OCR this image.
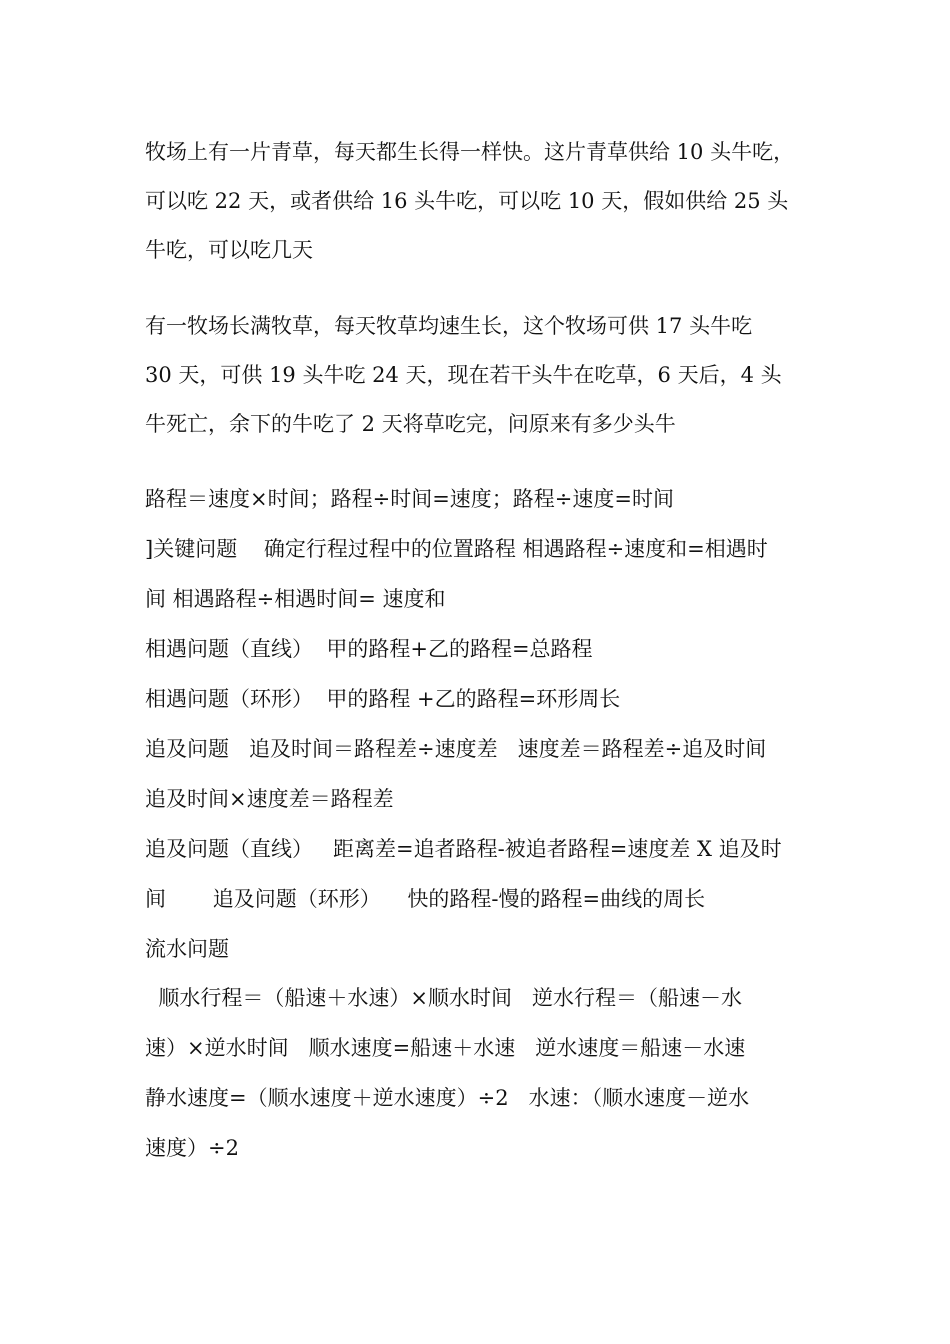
牧场上有一片青草，每天都生长得一样快。这片青草供给 10 头牛吃，
可以吃 22 天，或者供给 16 头牛吃，可以吃 10 天，假如供给 25 头
牛吃，可以吃几天
有一牧场长满牧草，每天牧草均速生长，这个牧场可供 17 头牛吃
30 天，可供 19 头牛吃 24 天，现在若干头牛在吃草，6 天后，4 头
牛死亡，余下的牛吃了 2 天将草吃完，问原来有多少头牛
路程＝速度×时间；路程÷时间=速度；路程÷速度=时间
]关键问题    确定行程过程中的位置路程 相遇路程÷速度和=相遇时
间 相遇路程÷相遇时间= 速度和
相遇问题（直线）  甲的路程+乙的路程=总路程
相遇问题（环形）  甲的路程 +乙的路程=环形周长
追及问题   追及时间＝路程差÷速度差   速度差＝路程差÷追及时间
追及时间×速度差＝路程差
追及问题（直线）   距离差=追者路程-被追者路程=速度差 X 追及时
间       追及问题（环形）    快的路程-慢的路程=曲线的周长
流水问题
顺水行程＝（船速＋水速）×顺水时间   逆水行程＝（船速－水
速）×逆水时间   顺水速度=船速＋水速   逆水速度＝船速－水速
静水速度=（顺水速度＋逆水速度）÷2   水速：（顺水速度－逆水
速度）÷2
